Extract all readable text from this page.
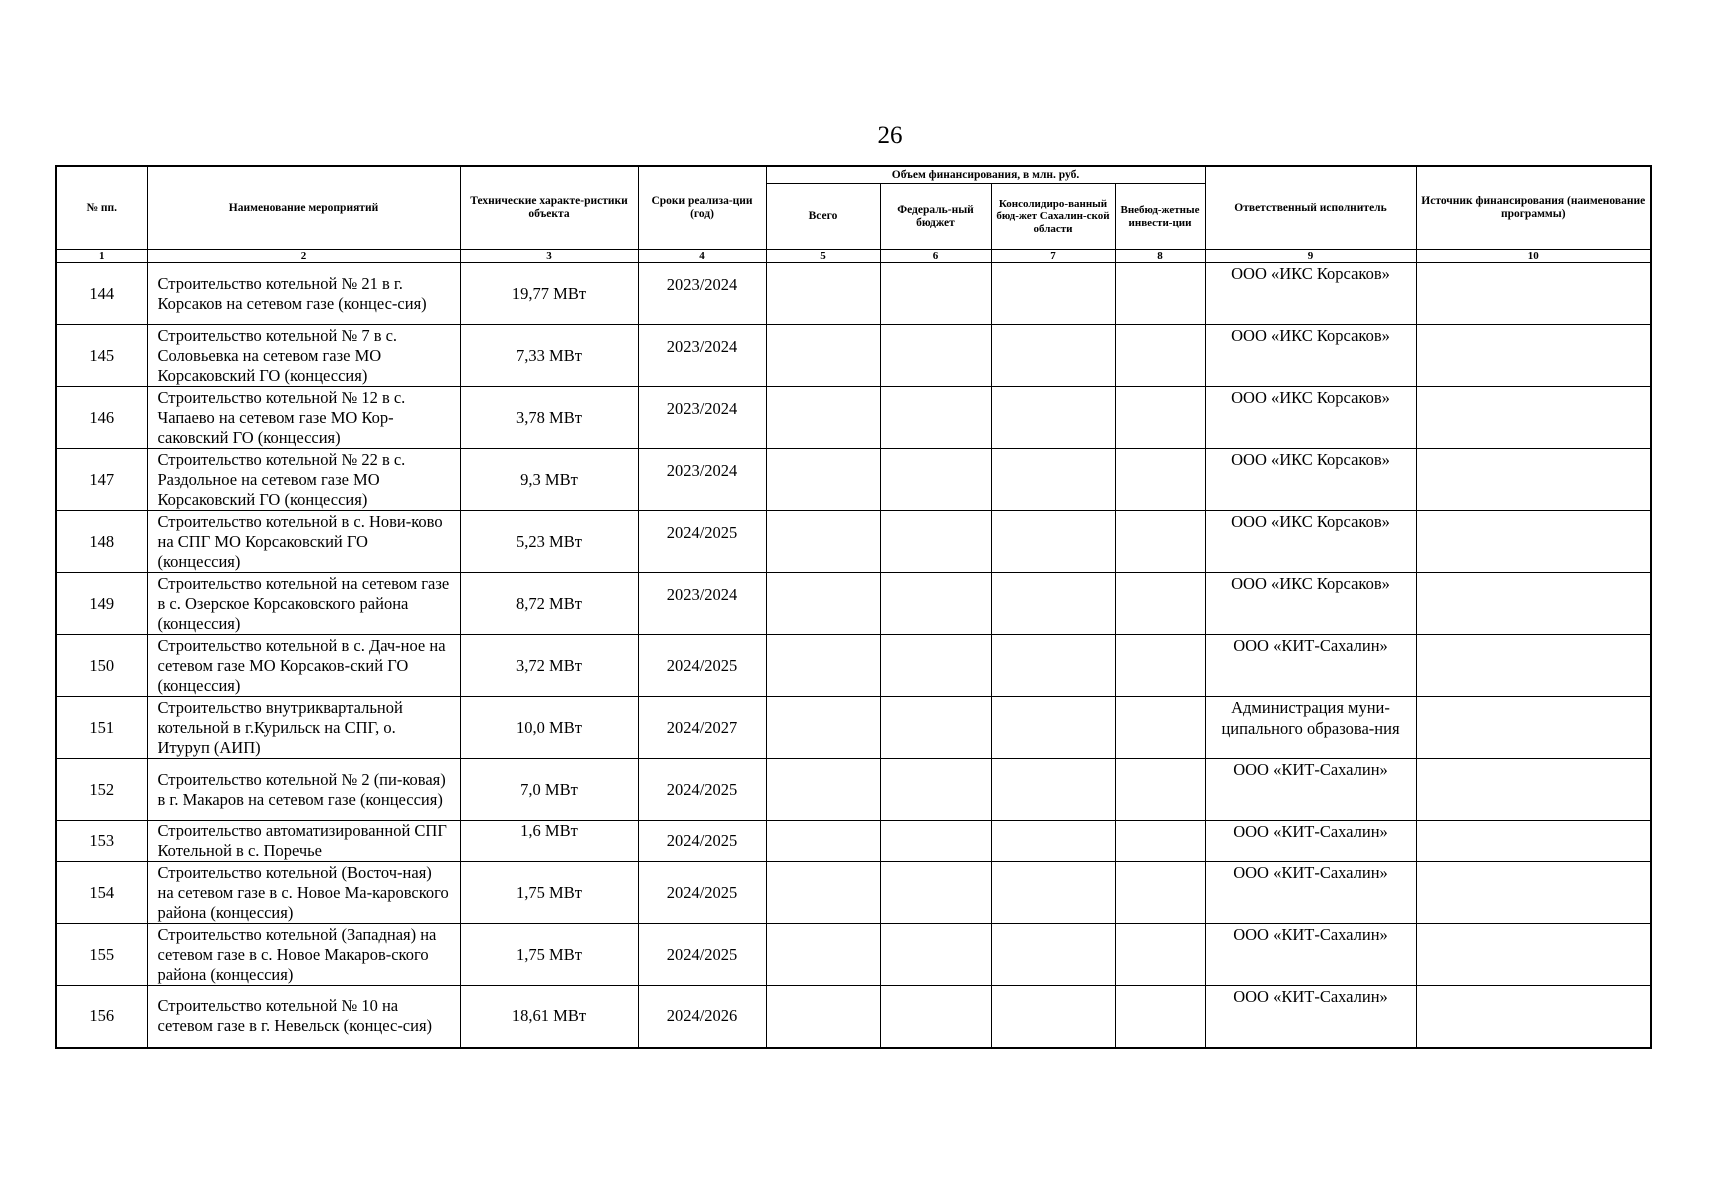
26
№ пп.	Наименование мероприятий	Технические характе-ристики объекта	Сроки реализа-ции (год)	Объем финансирования, в млн. руб.				Ответственный исполнитель	Источник финансирования (наименование программы)
				Всего	Федераль-ный бюджет	Консолидиро-ванный бюд-жет Сахалин-ской области	Внебюд-жетные инвести-ции		
1	2	3	4	5	6	7	8	9	10
144	Строительство котельной № 21 в г. Корсаков на сетевом газе (концес-сия)	19,77 МВт	2023/2024					ООО «ИКС Корсаков»	
145	Строительство котельной № 7 в с. Соловьевка на сетевом газе МО Корсаковский ГО (концессия)	7,33 МВт	2023/2024					ООО «ИКС Корсаков»	
146	Строительство котельной № 12 в с. Чапаево на сетевом газе МО Кор-саковский ГО (концессия)	3,78 МВт	2023/2024					ООО «ИКС Корсаков»	
147	Строительство котельной № 22 в с. Раздольное на сетевом газе МО Корсаковский ГО (концессия)	9,3 МВт	2023/2024					ООО «ИКС Корсаков»	
148	Строительство котельной в с. Нови-ково на СПГ МО Корсаковский ГО (концессия)	5,23 МВт	2024/2025					ООО «ИКС Корсаков»	
149	Строительство котельной на сетевом газе в с. Озерское Корсаковского района (концессия)	8,72 МВт	2023/2024					ООО «ИКС Корсаков»	
150	Строительство котельной в с. Дач-ное на сетевом газе МО Корсаков-ский ГО (концессия)	3,72 МВт	2024/2025					ООО «КИТ-Сахалин»	
151	Строительство внутриквартальной котельной в г.Курильск на СПГ, о. Итуруп (АИП)	10,0 МВт	2024/2027					Администрация муни-ципального образова-ния	
152	Строительство котельной № 2 (пи-ковая) в г. Макаров на сетевом газе (концессия)	7,0 МВт	2024/2025					ООО «КИТ-Сахалин»	
153	Строительство автоматизированной СПГ Котельной в с. Поречье	1,6 МВт	2024/2025					ООО «КИТ-Сахалин»	
154	Строительство котельной (Восточ-ная) на сетевом газе в с. Новое Ма-каровского района (концессия)	1,75 МВт	2024/2025					ООО «КИТ-Сахалин»	
155	Строительство котельной (Западная) на сетевом газе в с. Новое Макаров-ского района (концессия)	1,75 МВт	2024/2025					ООО «КИТ-Сахалин»	
156	Строительство котельной № 10 на сетевом газе в г. Невельск (концес-сия)	18,61 МВт	2024/2026					ООО «КИТ-Сахалин»	
